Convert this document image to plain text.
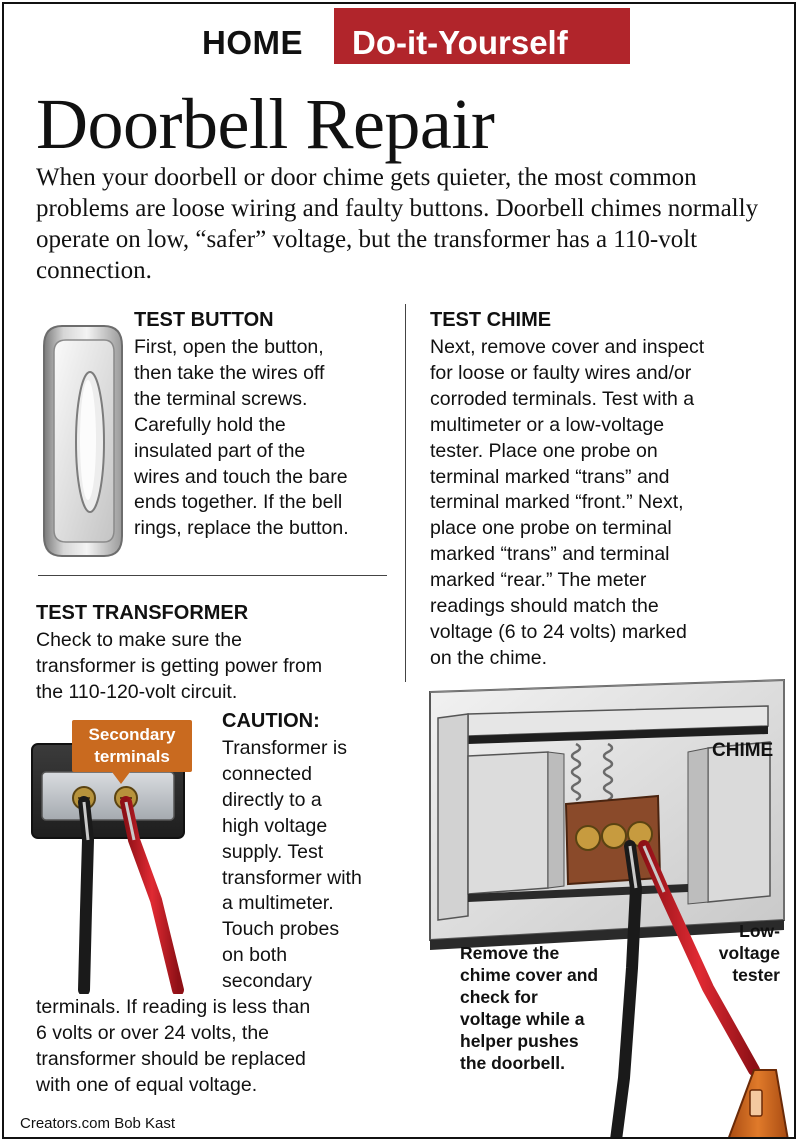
HOME	Do-it-Yourself
Doorbell Repair
When your doorbell or door chime gets quieter, the most common problems are loose wiring and faulty buttons. Doorbell chimes normally operate on low, “safer” voltage, but the transformer has a 110-volt connection.
TEST BUTTON
First, open the button,
then take the wires off
the terminal screws.
Carefully hold the
insulated part of the
wires and touch the bare
ends together. If the bell
rings, replace the button.
TEST TRANSFORMER
Check to make sure the
transformer is getting power from
the 110-120-volt circuit.
Secondary
terminals
CAUTION:
Transformer is
connected
directly to a
high voltage
supply. Test
transformer with
a multimeter.
Touch probes
on both
secondary
terminals. If reading is less than
6 volts or over 24 volts, the
transformer should be replaced
with one of equal voltage.
TEST CHIME
Next, remove cover and inspect
for loose or faulty wires and/or
corroded terminals. Test with a
multimeter or a low-voltage
tester. Place one probe on
terminal marked “trans” and
terminal marked “front.” Next,
place one probe on terminal
marked “trans” and terminal
marked “rear.” The meter
readings should match the
voltage (6 to 24 volts) marked
on the chime.
CHIME
Low-
voltage
tester
Remove the
chime cover and
check for
voltage while a
helper pushes
the doorbell.
Creators.com Bob Kast
